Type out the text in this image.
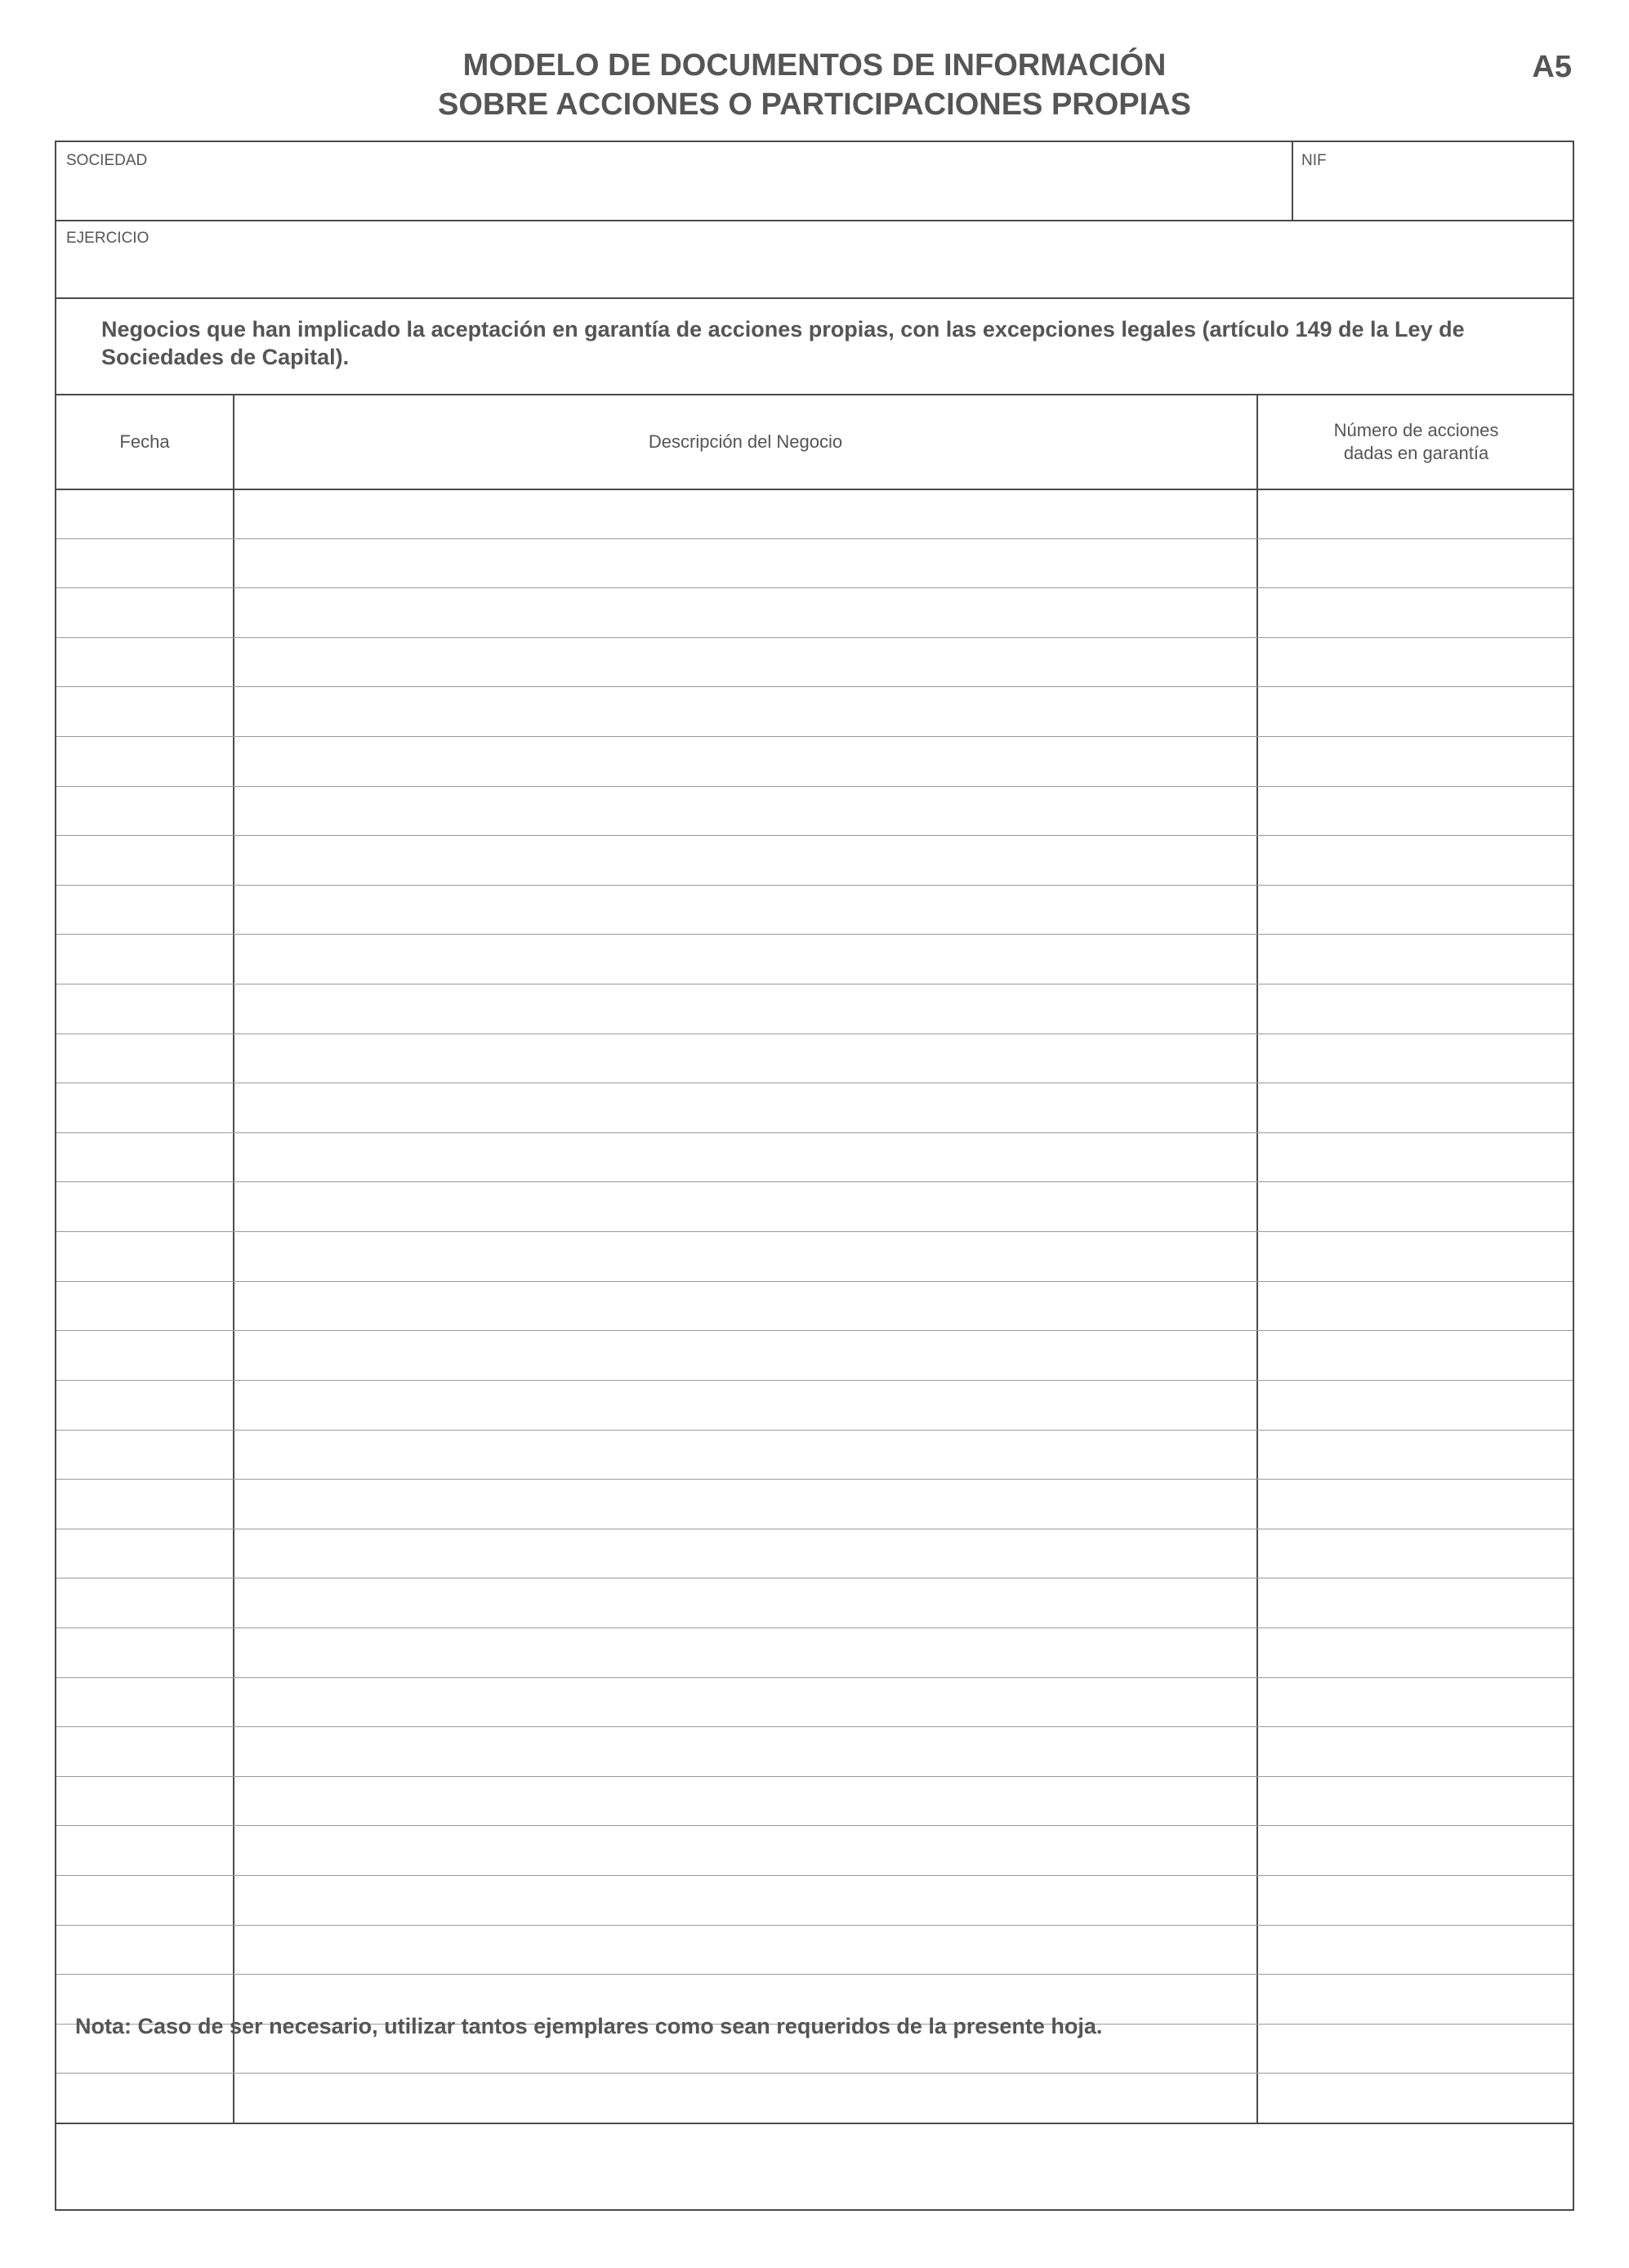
MODELO DE DOCUMENTOS DE INFORMACIÓN
SOBRE ACCIONES O PARTICIPACIONES PROPIAS
A5
SOCIEDAD	NIF
EJERCICIO
Negocios que han implicado la aceptación en garantía de acciones propias, con las excepciones legales (artículo 149 de la Ley de Sociedades de Capital).
Fecha	Descripción del Negocio
Número de acciones dadas en garantía
Nota: Caso de ser necesario, utilizar tantos ejemplares como sean requeridos de la presente hoja.
